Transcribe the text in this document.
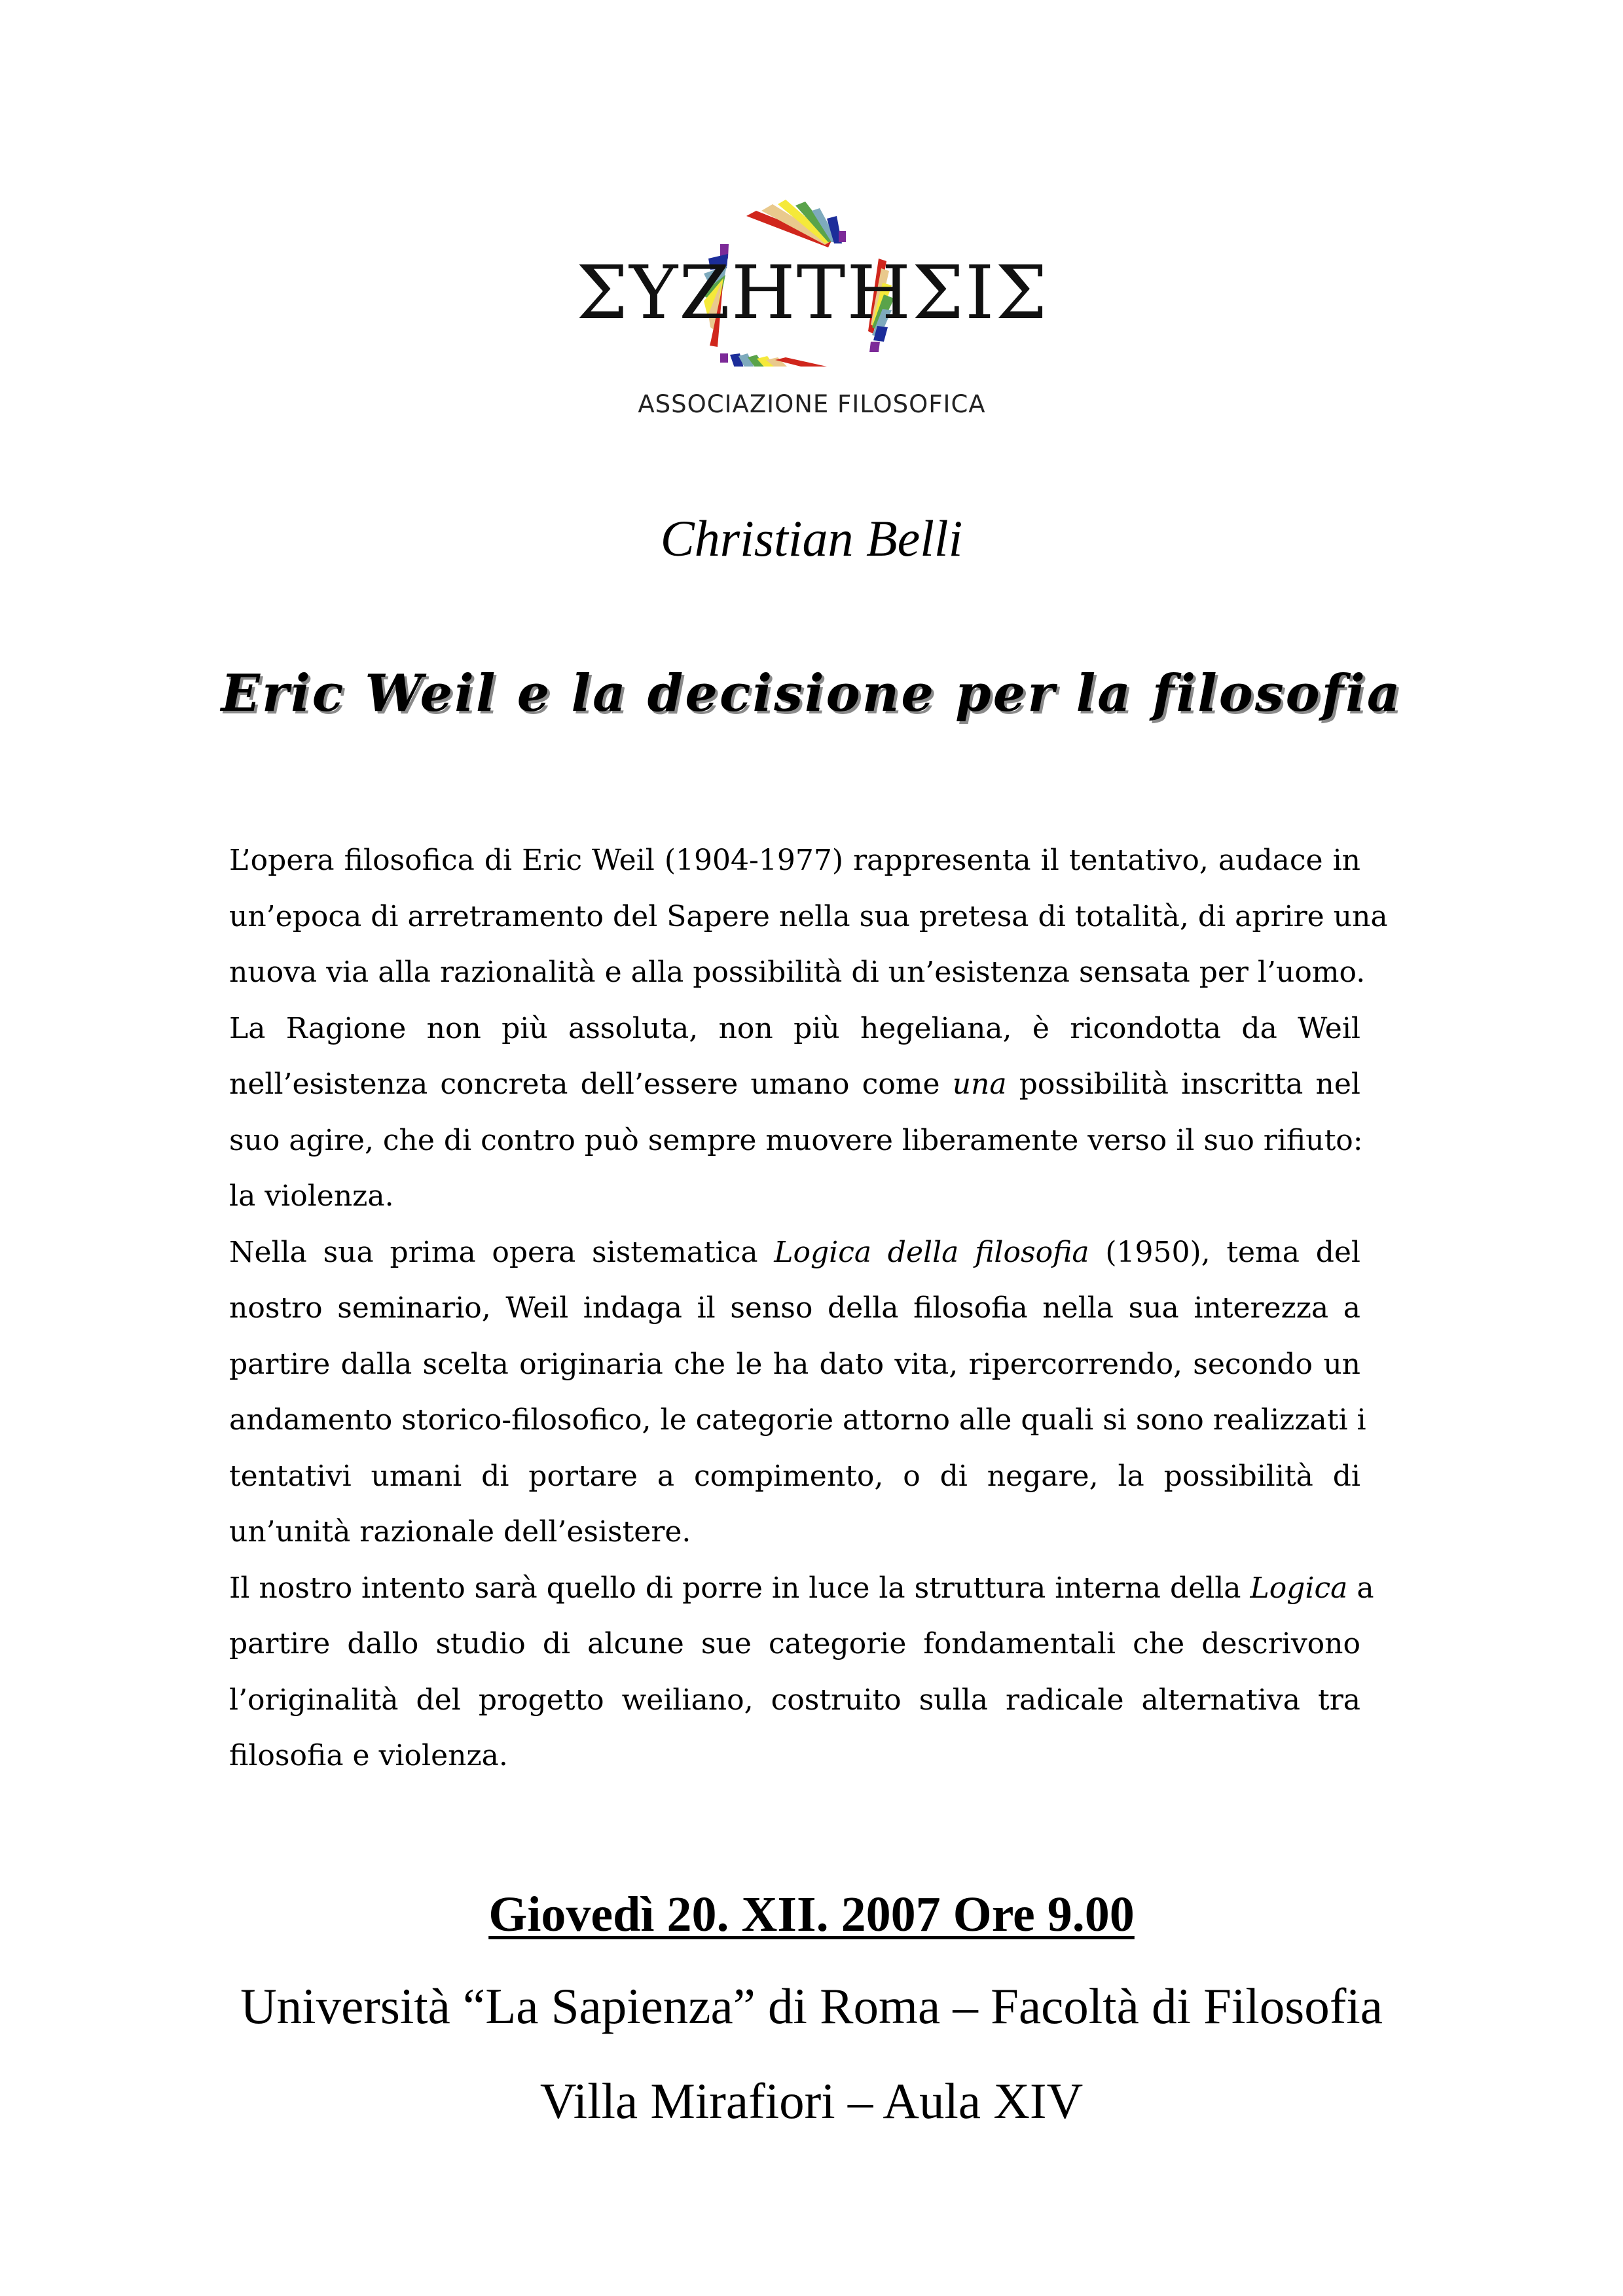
ΣΥΖΗΤΗΣΙΣ
ASSOCIAZIONE FILOSOFICA
Christian Belli
Eric Weil e la decisione per la filosofia
L’opera filosofica di Eric Weil (1904-1977) rappresenta il tentativo, audace in
un’epoca di arretramento del Sapere nella sua pretesa di totalità, di aprire una
nuova via alla razionalità e alla possibilità di un’esistenza sensata per l’uomo.
La Ragione non più assoluta, non più hegeliana, è ricondotta da Weil
nell’esistenza concreta dell’essere umano come una possibilità inscritta nel
suo agire, che di contro può sempre muovere liberamente verso il suo rifiuto:
la violenza.
Nella sua prima opera sistematica Logica della filosofia (1950), tema del
nostro seminario, Weil indaga il senso della filosofia nella sua interezza a
partire dalla scelta originaria che le ha dato vita, ripercorrendo, secondo un
andamento storico-filosofico, le categorie attorno alle quali si sono realizzati i
tentativi umani di portare a compimento, o di negare, la possibilità di
un’unità razionale dell’esistere.
Il nostro intento sarà quello di porre in luce la struttura interna della Logica a
partire dallo studio di alcune sue categorie fondamentali che descrivono
l’originalità del progetto weiliano, costruito sulla radicale alternativa tra
filosofia e violenza.
Giovedì 20. XII. 2007 Ore 9.00
Università “La Sapienza” di Roma – Facoltà di Filosofia
Villa Mirafiori – Aula XIV
